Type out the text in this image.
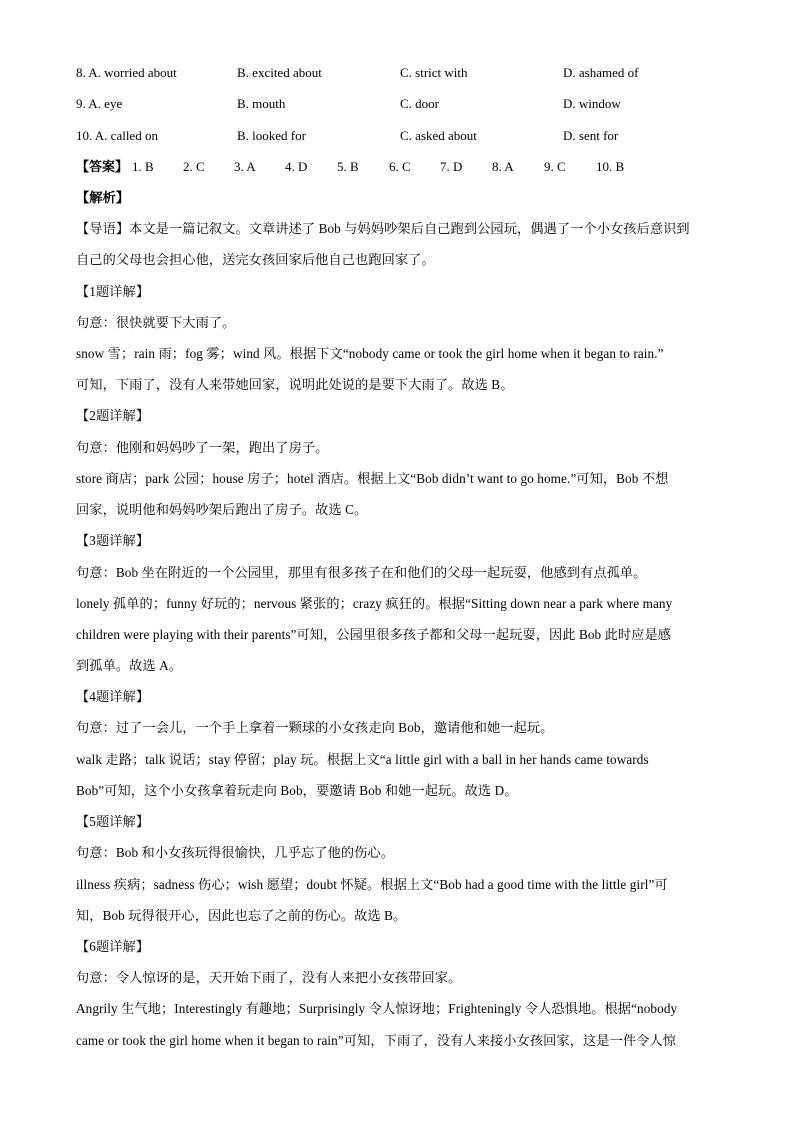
8. A. worried about	B. excited about	C. strict with	D. ashamed of
9. A. eye	B. mouth	C. door	D. window
10. A. called on	B. looked for	C. asked about	D. sent for
【答案】 1. B 2. C 3. A 4. D 5. B 6. C 7. D 8. A 9. C 10. B
【解析】
【导语】本文是一篇记叙文。文章讲述了 Bob 与妈妈吵架后自己跑到公园玩，偶遇了一个小女孩后意识到
自己的父母也会担心他，送完女孩回家后他自己也跑回家了。
【1题详解】
句意：很快就要下大雨了。
snow 雪；rain 雨；fog 雾；wind 风。根据下文“nobody came or took the girl home when it began to rain.”
可知，下雨了，没有人来带她回家，说明此处说的是要下大雨了。故选 B。
【2题详解】
句意：他刚和妈妈吵了一架，跑出了房子。
store 商店；park 公园；house 房子；hotel 酒店。根据上文“Bob didn’t want to go home.”可知，Bob 不想
回家，说明他和妈妈吵架后跑出了房子。故选 C。
【3题详解】
句意：Bob 坐在附近的一个公园里，那里有很多孩子在和他们的父母一起玩耍，他感到有点孤单。
lonely 孤单的；funny 好玩的；nervous 紧张的；crazy 疯狂的。根据“Sitting down near a park where many
children were playing with their parents”可知，公园里很多孩子都和父母一起玩耍，因此 Bob 此时应是感
到孤单。故选 A。
【4题详解】
句意：过了一会儿，一个手上拿着一颗球的小女孩走向 Bob，邀请他和她一起玩。
walk 走路；talk 说话；stay 停留；play 玩。根据上文“a little girl with a ball in her hands came towards
Bob”可知，这个小女孩拿着玩走向 Bob，要邀请 Bob 和她一起玩。故选 D。
【5题详解】
句意：Bob 和小女孩玩得很愉快，几乎忘了他的伤心。
illness 疾病；sadness 伤心；wish 愿望；doubt 怀疑。根据上文“Bob had a good time with the little girl”可
知，Bob 玩得很开心，因此也忘了之前的伤心。故选 B。
【6题详解】
句意：令人惊讶的是，天开始下雨了，没有人来把小女孩带回家。
Angrily 生气地；Interestingly 有趣地；Surprisingly 令人惊讶地；Frighteningly 令人恐惧地。根据“nobody
came or took the girl home when it began to rain”可知，下雨了，没有人来接小女孩回家，这是一件令人惊
